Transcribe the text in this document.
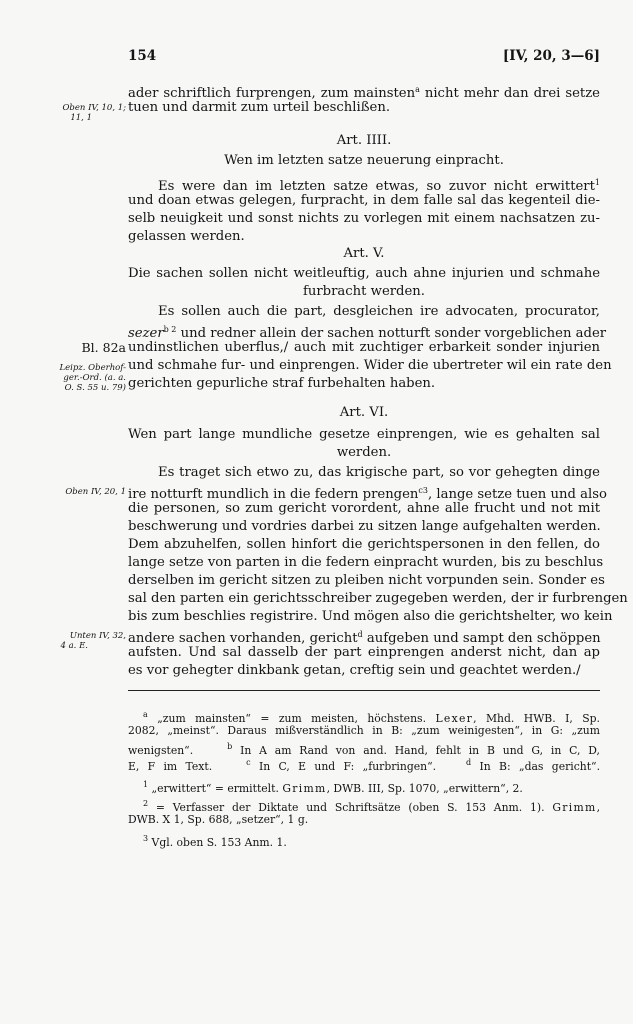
154	[IV, 20, 3—6]
ader schriftlich furprengen, zum mainsten$^a$ nicht mehr dan drei setze
Oben IV, 10, 1;
11, 1
tuen und darmit zum urteil beschlißen.
Art. IIII.
Wen im letzten satze neuerung einpracht.
Es were dan im letzten satze etwas, so zuvor nicht erwittert$^1$
und doan etwas gelegen, furpracht, in dem falle sal das kegenteil die-
selb neuigkeit und sonst nichts zu vorlegen mit einem nachsatzen zu-
gelassen werden.
Art. V.
Die sachen sollen nicht weitleuftig, auch ahne injurien und schmahe
furbracht werden.
Es sollen auch die part, desgleichen ire advocaten, procurator,
sezer$^{b 2}$ und redner allein der sachen notturft sonder vorgeblichen ader
Bl. 82a undinstlichen uberflus,/ auch mit zuchtiger erbarkeit sonder injurien
Leipz. Oberhof-
ger.-Ord. (a. a.
O. S. 55 u. 79)
und schmahe fur- und einprengen. Wider die ubertreter wil ein rate den
gerichten gepurliche straf furbehalten haben.
Art. VI.
Wen part lange mundliche gesetze einprengen, wie es gehalten sal
werden.
Es traget sich etwo zu, das krigische part, so vor gehegten dinge
Oben IV, 20, 1 ire notturft mundlich in die federn prengen$^{c3}$, lange setze tuen und also
die personen, so zum gericht vorordent, ahne alle frucht und not mit
beschwerung und vordries darbei zu sitzen lange aufgehalten werden.
Dem abzuhelfen, sollen hinfort die gerichtspersonen in den fellen, do
lange setze von parten in die federn einpracht wurden, bis zu beschlus
derselben im gericht sitzen zu pleiben nicht vorpunden sein. Sonder es
sal den parten ein gerichtsschreiber zugegeben werden, der ir furbrengen
bis zum beschlies registrire. Und mögen also die gerichtshelter, wo kein
Unten IV, 32,
4 a. E.	andere sachen vorhanden, gericht$^d$ aufgeben und sampt den schöppen
aufsten. Und sal dasselb der part einprengen anderst nicht, dan ap
es vor gehegter dinkbank getan, creftig sein und geachtet werden./
$^a$ „zum mainsten“ = zum meisten, höchstens. Lexer, Mhd. HWB. I, Sp.
2082, „meinst“. Daraus mißverständlich in B: „zum weinigesten“, in G: „zum
wenigsten“.	$^b$ In A am Rand von and. Hand, fehlt in B und G, in C, D,
E, F im Text.	$^c$ In C, E und F: „furbringen“.	$^d$ In B: „das gericht“.
$^1$ „erwittert“ = ermittelt. Grimm, DWB. III, Sp. 1070, „erwittern“, 2.
$^2$ = Verfasser der Diktate und Schriftsätze (oben S. 153 Anm. 1). Grimm,
DWB. X 1, Sp. 688, „setzer“, 1 g.
$^3$ Vgl. oben S. 153 Anm. 1.
